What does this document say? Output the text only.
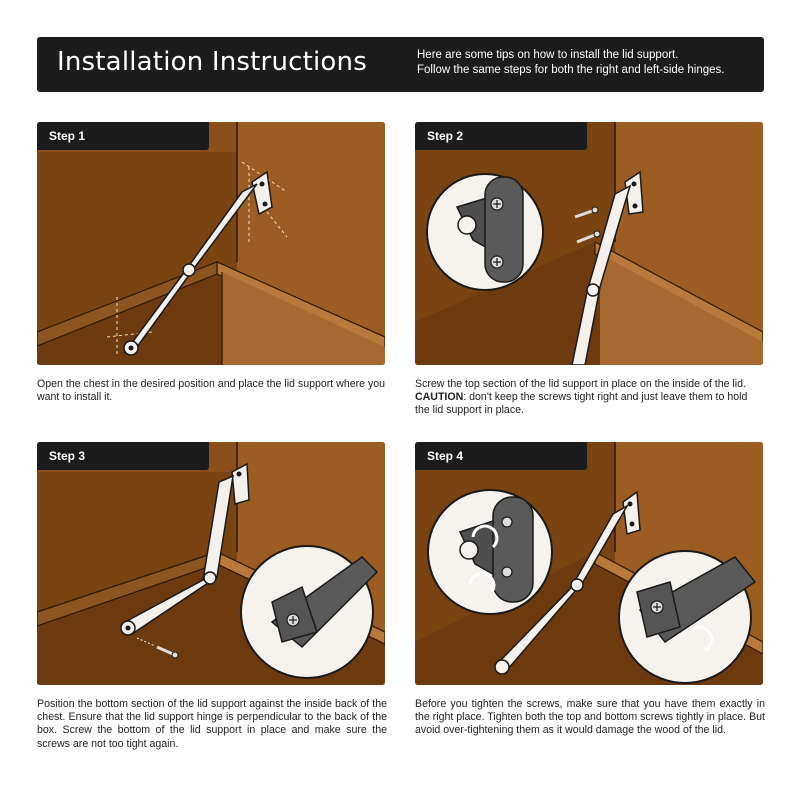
Installation Instructions	Here are some tips on how to install the lid support.
Follow the same steps for both the right and left-side hinges.
Step 1
Open the chest in the desired position and place the lid support where you want to install it.
Step 2
Screw the top section of the lid support in place on the inside of the lid.
CAUTION: don't keep the screws tight right and just leave them to hold the lid support in place.
Step 3
Position the bottom section of the lid support against the inside back of the chest. Ensure that the lid support hinge is perpendicular to the back of the box. Screw the bottom of the lid support in place and make sure the screws are not too tight again.
Step 4
Before you tighten the screws, make sure that you have them exactly in the right place. Tighten both the top and bottom screws tightly in place. But avoid over-tightening them as it would damage the wood of the lid.
